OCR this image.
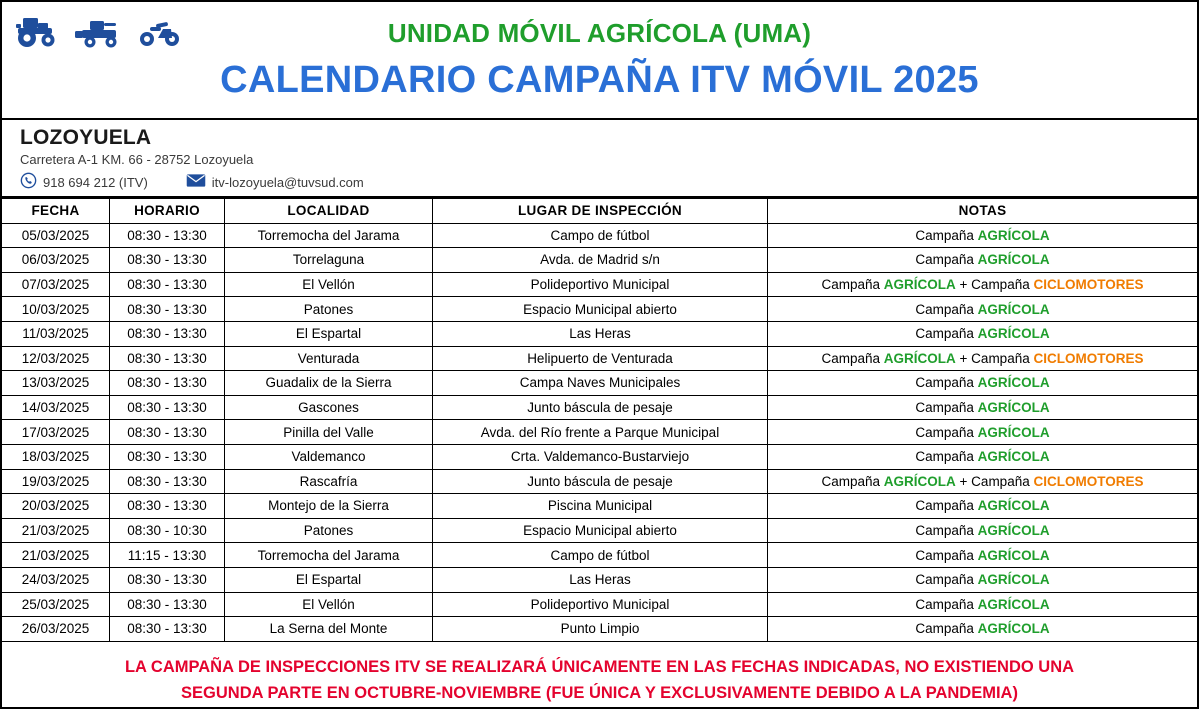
UNIDAD MÓVIL AGRÍCOLA (UMA)
CALENDARIO CAMPAÑA ITV MÓVIL 2025
LOZOYUELA
Carretera A-1 KM. 66 - 28752 Lozoyuela
918 694 212 (ITV)	itv-lozoyuela@tuvsud.com
FECHA	HORARIO	LOCALIDAD	LUGAR DE INSPECCIÓN	NOTAS
05/03/2025	08:30 - 13:30	Torremocha del Jarama	Campo de fútbol	Campaña AGRÍCOLA
06/03/2025	08:30 - 13:30	Torrelaguna	Avda. de Madrid s/n	Campaña AGRÍCOLA
07/03/2025	08:30 - 13:30	El Vellón	Polideportivo Municipal	Campaña AGRÍCOLA + Campaña CICLOMOTORES
10/03/2025	08:30 - 13:30	Patones	Espacio Municipal abierto	Campaña AGRÍCOLA
11/03/2025	08:30 - 13:30	El Espartal	Las Heras	Campaña AGRÍCOLA
12/03/2025	08:30 - 13:30	Venturada	Helipuerto de Venturada	Campaña AGRÍCOLA + Campaña CICLOMOTORES
13/03/2025	08:30 - 13:30	Guadalix de la Sierra	Campa Naves Municipales	Campaña AGRÍCOLA
14/03/2025	08:30 - 13:30	Gascones	Junto báscula de pesaje	Campaña AGRÍCOLA
17/03/2025	08:30 - 13:30	Pinilla del Valle	Avda. del Río frente a Parque Municipal	Campaña AGRÍCOLA
18/03/2025	08:30 - 13:30	Valdemanco	Crta. Valdemanco-Bustarviejo	Campaña AGRÍCOLA
19/03/2025	08:30 - 13:30	Rascafría	Junto báscula de pesaje	Campaña AGRÍCOLA + Campaña CICLOMOTORES
20/03/2025	08:30 - 13:30	Montejo de la Sierra	Piscina Municipal	Campaña AGRÍCOLA
21/03/2025	08:30 - 10:30	Patones	Espacio Municipal abierto	Campaña AGRÍCOLA
21/03/2025	11:15 - 13:30	Torremocha del Jarama	Campo de fútbol	Campaña AGRÍCOLA
24/03/2025	08:30 - 13:30	El Espartal	Las Heras	Campaña AGRÍCOLA
25/03/2025	08:30 - 13:30	El Vellón	Polideportivo Municipal	Campaña AGRÍCOLA
26/03/2025	08:30 - 13:30	La Serna del Monte	Punto Limpio	Campaña AGRÍCOLA
LA CAMPAÑA DE INSPECCIONES ITV SE REALIZARÁ ÚNICAMENTE EN LAS FECHAS INDICADAS, NO EXISTIENDO UNA
SEGUNDA PARTE EN OCTUBRE-NOVIEMBRE (FUE ÚNICA Y EXCLUSIVAMENTE DEBIDO A LA PANDEMIA)
